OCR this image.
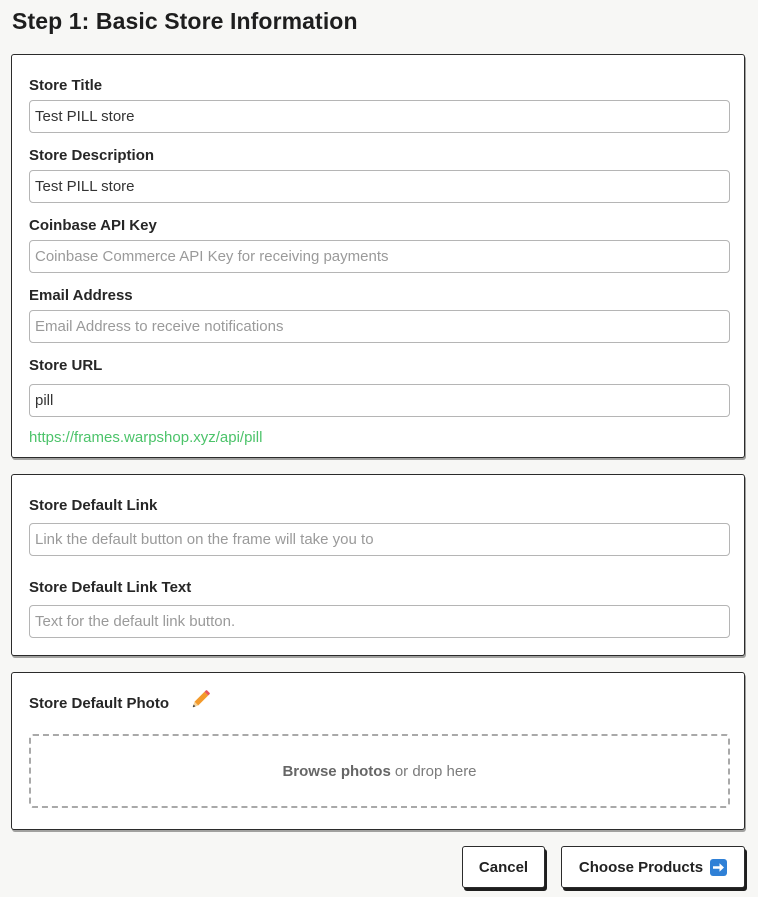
Step 1: Basic Store Information
Store Title
Test PILL store
Store Description
Test PILL store
Coinbase API Key
Coinbase Commerce API Key for receiving payments
Email Address
Email Address to receive notifications
Store URL
pill

https://frames.warpshop.xyz/api/pill

Store Default Link
Link the default button on the frame will take you to
Store Default Link Text
Text for the default link button.
Store Default Photo
Browse photos or drop here
Cancel	Choose Products
